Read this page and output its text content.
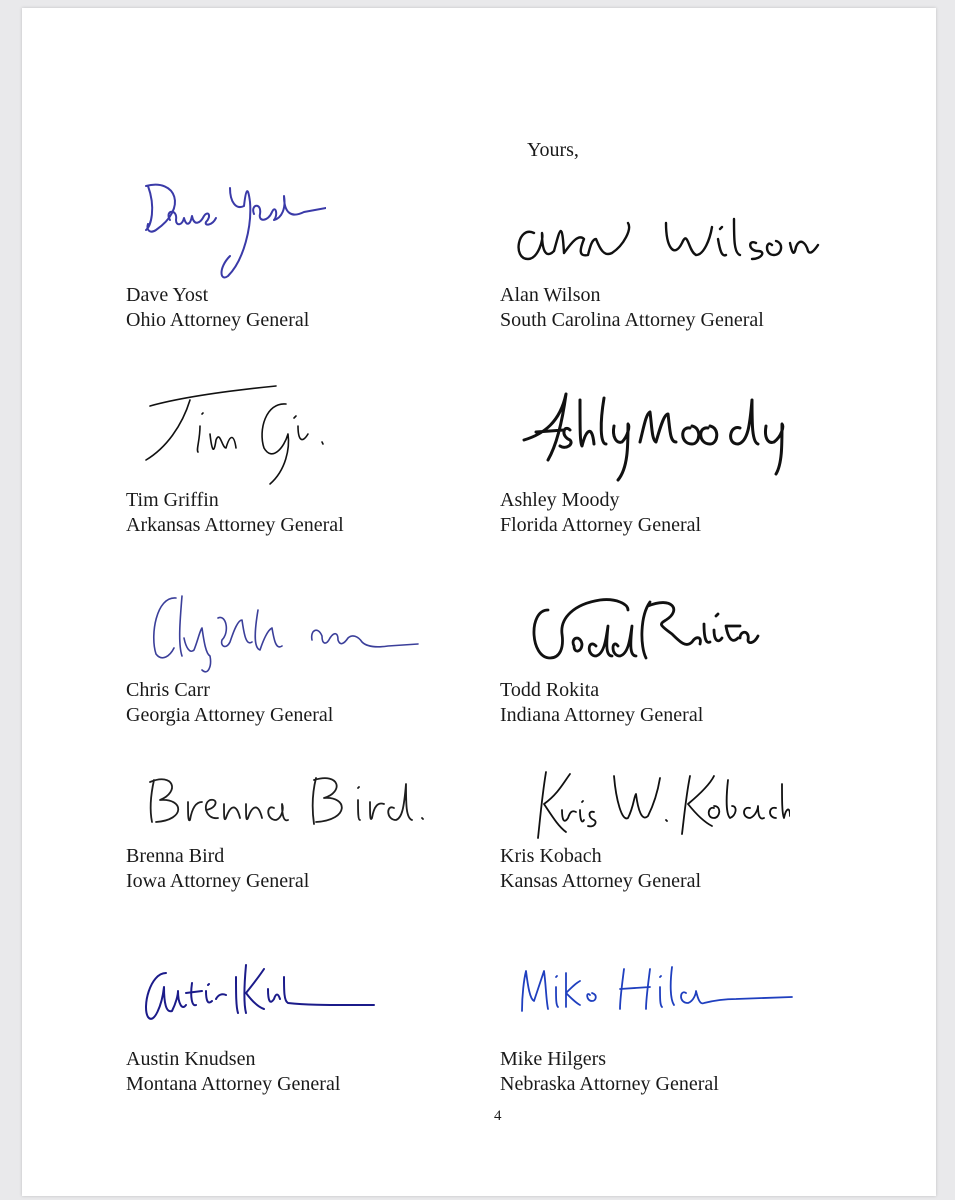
Yours,

Dave Yost
Ohio Attorney General
Alan Wilson
South Carolina Attorney General
Tim Griffin
Arkansas Attorney General
Ashley Moody
Florida Attorney General
Chris Carr
Georgia Attorney General
Todd Rokita
Indiana Attorney General
Brenna Bird
Iowa Attorney General
Kris Kobach
Kansas Attorney General
Austin Knudsen
Montana Attorney General
Mike Hilgers
Nebraska Attorney General
4
